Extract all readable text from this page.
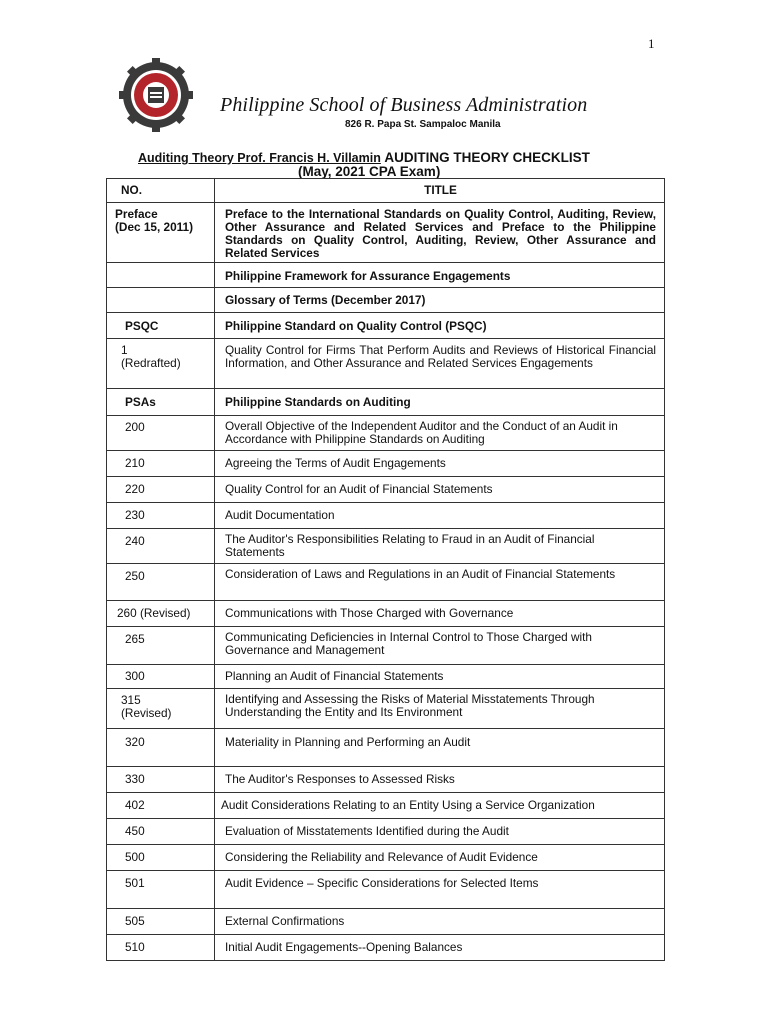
1
Philippine School of Business Administration
826 R. Papa St. Sampaloc Manila
Auditing Theory Prof. Francis H. Villamin AUDITING THEORY CHECKLIST
(May, 2021 CPA Exam)
NO.	TITLE
Preface
(Dec 15, 2011)	Preface to the International Standards on Quality Control, Auditing, Review, Other Assurance and Related Services and Preface to the Philippine Standards on Quality Control, Auditing, Review, Other Assurance and Related Services
	Philippine Framework for Assurance Engagements
	Glossary of Terms (December 2017)
PSQC	Philippine Standard on Quality Control (PSQC)
1
(Redrafted)	Quality Control for Firms That Perform Audits and Reviews of Historical Financial Information, and Other Assurance and Related Services Engagements
PSAs	Philippine Standards on Auditing
200	Overall Objective of the Independent Auditor and the Conduct of an Audit in Accordance with Philippine Standards on Auditing
210	Agreeing the Terms of Audit Engagements
220	Quality Control for an Audit of Financial Statements
230	Audit Documentation
240	The Auditor's Responsibilities Relating to Fraud in an Audit of Financial Statements
250	Consideration of Laws and Regulations in an Audit of Financial Statements
260 (Revised)	Communications with Those Charged with Governance
265	Communicating Deficiencies in Internal Control to Those Charged with Governance and Management
300	Planning an Audit of Financial Statements
315
(Revised)	Identifying and Assessing the Risks of Material Misstatements Through Understanding the Entity and Its Environment
320	Materiality in Planning and Performing an Audit
330	The Auditor's Responses to Assessed Risks
402	Audit Considerations Relating to an Entity Using a Service Organization
450	Evaluation of Misstatements Identified during the Audit
500	Considering the Reliability and Relevance of Audit Evidence
501	Audit Evidence – Specific Considerations for Selected Items
505	External Confirmations
510	Initial Audit Engagements--Opening Balances
